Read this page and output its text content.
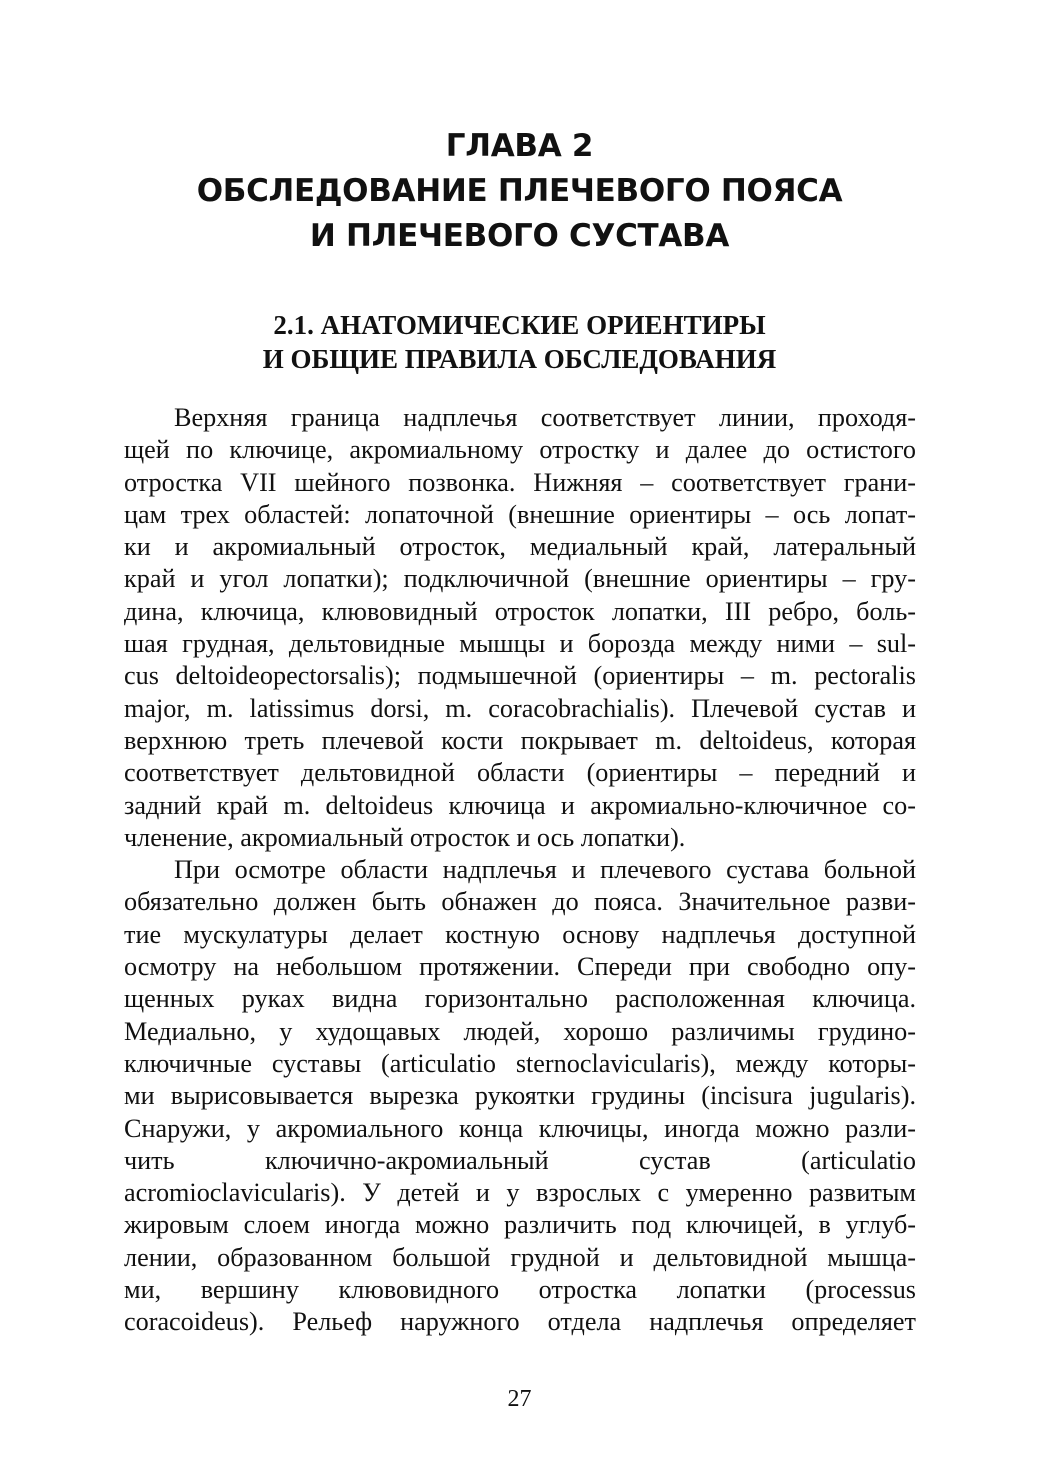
ГЛАВА 2
ОБСЛЕДОВАНИЕ ПЛЕЧЕВОГО ПОЯСА
И ПЛЕЧЕВОГО СУСТАВА
2.1. АНАТОМИЧЕСКИЕ ОРИЕНТИРЫ
И ОБЩИЕ ПРАВИЛА ОБСЛЕДОВАНИЯ
Верхняя граница надплечья соответствует линии, проходя-
щей по ключице, акромиальному отростку и далее до остистого
отростка VII шейного позвонка. Нижняя – соответствует грани-
цам трех областей: лопаточной (внешние ориентиры – ось лопат-
ки и акромиальный отросток, медиальный край, латеральный
край и угол лопатки); подключичной (внешние ориентиры – гру-
дина, ключица, клювовидный отросток лопатки, III ребро, боль-
шая грудная, дельтовидные мышцы и борозда между ними – sul-
cus deltoideopectorsalis); подмышечной (ориентиры – m. pectoralis
major, m. latissimus dorsi, m. coracobrachialis). Плечевой сустав и
верхнюю треть плечевой кости покрывает m. deltoideus, которая
соответствует дельтовидной области (ориентиры – передний и
задний край m. deltoideus ключица и акромиально-ключичное со-
членение, акромиальный отросток и ось лопатки).
При осмотре области надплечья и плечевого сустава больной
обязательно должен быть обнажен до пояса. Значительное разви-
тие мускулатуры делает костную основу надплечья доступной
осмотру на небольшом протяжении. Спереди при свободно опу-
щенных руках видна горизонтально расположенная ключица.
Медиально, у худощавых людей, хорошо различимы грудино-
ключичные суставы (articulatio sternoclavicularis), между которы-
ми вырисовывается вырезка рукоятки грудины (incisura jugularis).
Снаружи, у акромиального конца ключицы, иногда можно разли-
чить ключично-акромиальный сустав (articulatio
acromioclavicularis). У детей и у взрослых с умеренно развитым
жировым слоем иногда можно различить под ключицей, в углуб-
лении, образованном большой грудной и дельтовидной мышца-
ми, вершину клювовидного отростка лопатки (processus
coracoideus). Рельеф наружного отдела надплечья определяет
27
